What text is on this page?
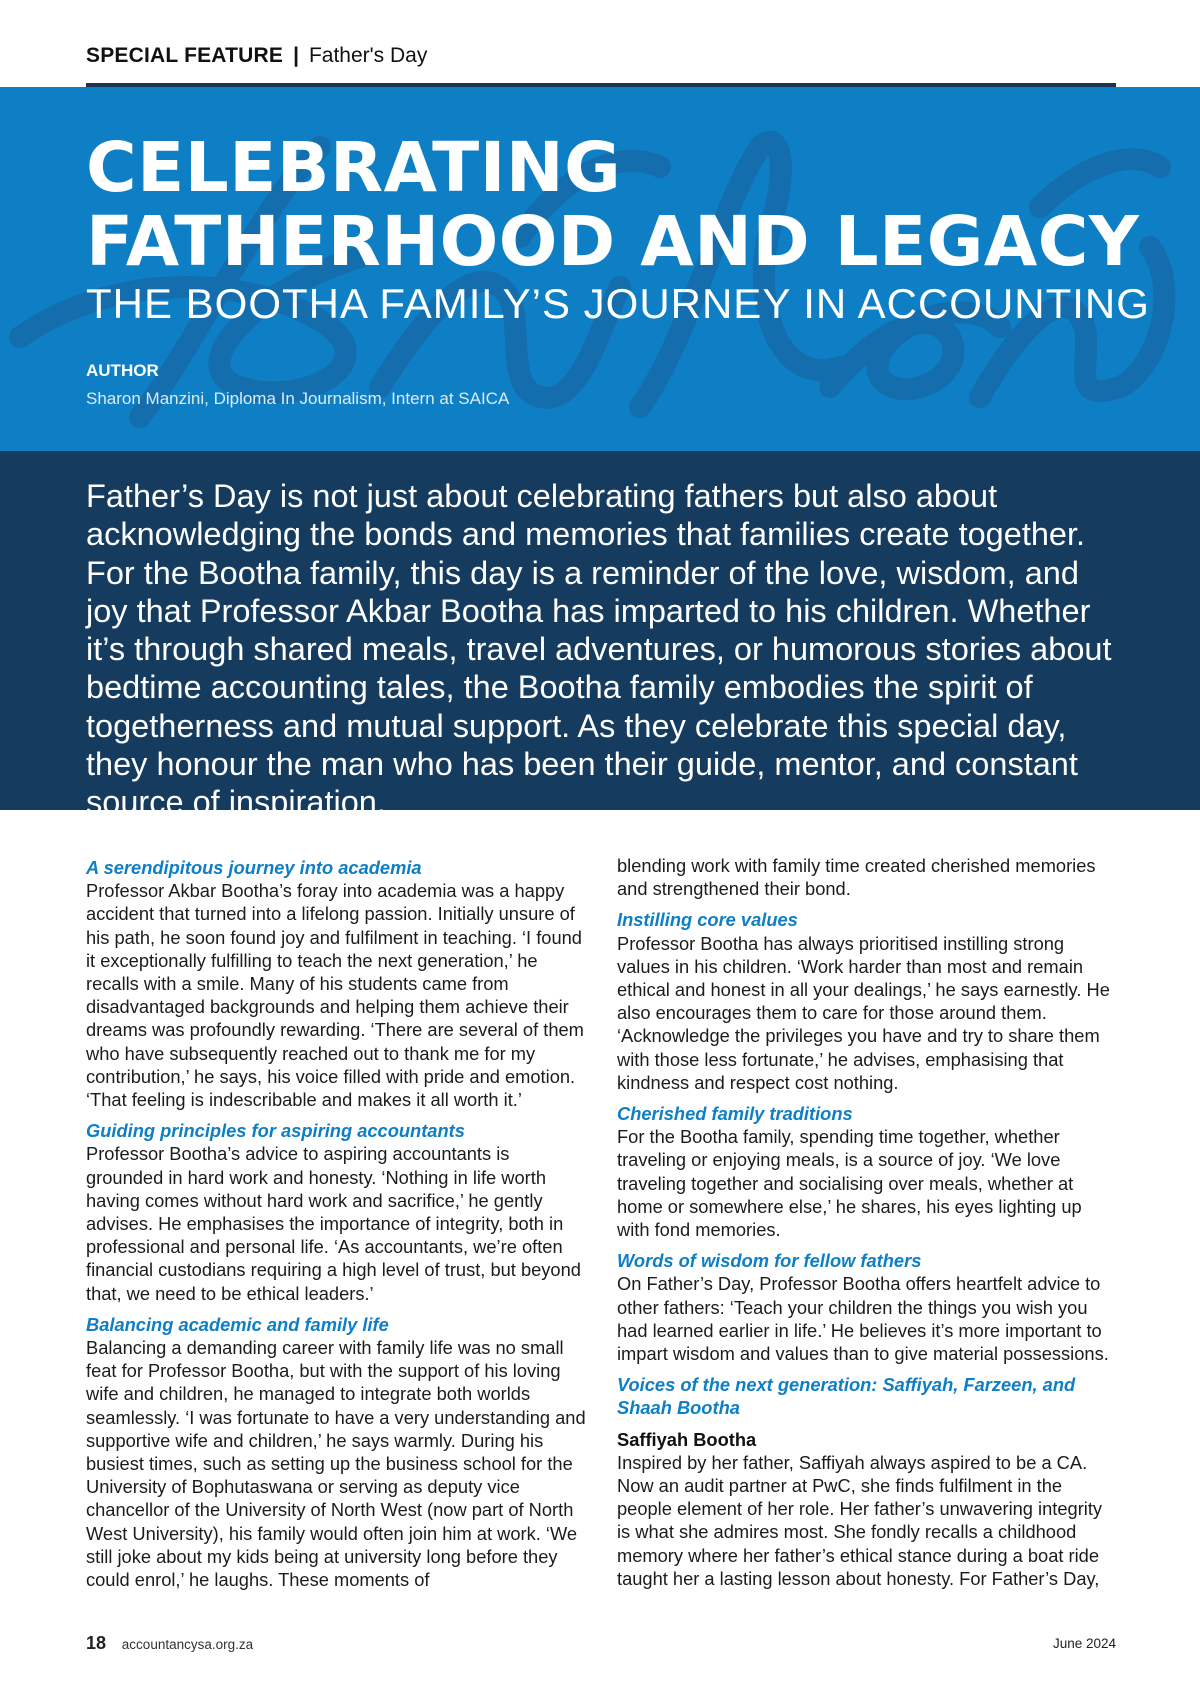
SPECIAL FEATURE | Father's Day
CELEBRATING
FATHERHOOD AND LEGACY
THE BOOTHA FAMILY’S JOURNEY IN ACCOUNTING
AUTHOR
Sharon Manzini, Diploma In Journalism, Intern at SAICA

Father’s Day is not just about celebrating fathers but also about acknowledging the bonds and memories that families create together. For the Bootha family, this day is a reminder of the love, wisdom, and joy that Professor Akbar Bootha has imparted to his children. Whether it’s through shared meals, travel adventures, or humorous stories about bedtime accounting tales, the Bootha family embodies the spirit of togetherness and mutual support. As they celebrate this special day, they honour the man who has been their guide, mentor, and constant source of inspiration.

A serendipitous journey into academia

Professor Akbar Bootha’s foray into academia was a happy accident that turned into a lifelong passion. Initially unsure of his path, he soon found joy and fulfilment in teaching. ‘I found it exceptionally fulfilling to teach the next generation,’ he recalls with a smile. Many of his students came from disadvantaged backgrounds and helping them achieve their dreams was profoundly rewarding. ‘There are several of them who have subsequently reached out to thank me for my contribution,’ he says, his voice filled with pride and emotion. ‘That feeling is indescribable and makes it all worth it.’

Guiding principles for aspiring accountants

Professor Bootha’s advice to aspiring accountants is grounded in hard work and honesty. ‘Nothing in life worth having comes without hard work and sacrifice,’ he gently advises. He emphasises the importance of integrity, both in professional and personal life. ‘As accountants, we’re often financial custodians requiring a high level of trust, but beyond that, we need to be ethical leaders.’

Balancing academic and family life

Balancing a demanding career with family life was no small feat for Professor Bootha, but with the support of his loving wife and children, he managed to integrate both worlds seamlessly. ‘I was fortunate to have a very understanding and supportive wife and children,’ he says warmly. During his busiest times, such as setting up the business school for the University of Bophutaswana or serving as deputy vice chancellor of the University of North West (now part of North West University), his family would often join him at work. ‘We still joke about my kids being at university long before they could enrol,’ he laughs. These moments of

blending work with family time created cherished memories and strengthened their bond.

Instilling core values

Professor Bootha has always prioritised instilling strong values in his children. ‘Work harder than most and remain ethical and honest in all your dealings,’ he says earnestly. He also encourages them to care for those around them. ‘Acknowledge the privileges you have and try to share them with those less fortunate,’ he advises, emphasising that kindness and respect cost nothing.

Cherished family traditions

For the Bootha family, spending time together, whether traveling or enjoying meals, is a source of joy. ‘We love traveling together and socialising over meals, whether at home or somewhere else,’ he shares, his eyes lighting up with fond memories.

Words of wisdom for fellow fathers

On Father’s Day, Professor Bootha offers heartfelt advice to other fathers: ‘Teach your children the things you wish you had learned earlier in life.’ He believes it’s more important to impart wisdom and values than to give material possessions.

Voices of the next generation: Saffiyah, Farzeen, and Shaah Bootha
Saffiyah Bootha

Inspired by her father, Saffiyah always aspired to be a CA. Now an audit partner at PwC, she finds fulfilment in the people element of her role. Her father’s unwavering integrity is what she admires most. She fondly recalls a childhood memory where her father’s ethical stance during a boat ride taught her a lasting lesson about honesty. For Father’s Day,

18 accountancysa.org.za	June 2024
